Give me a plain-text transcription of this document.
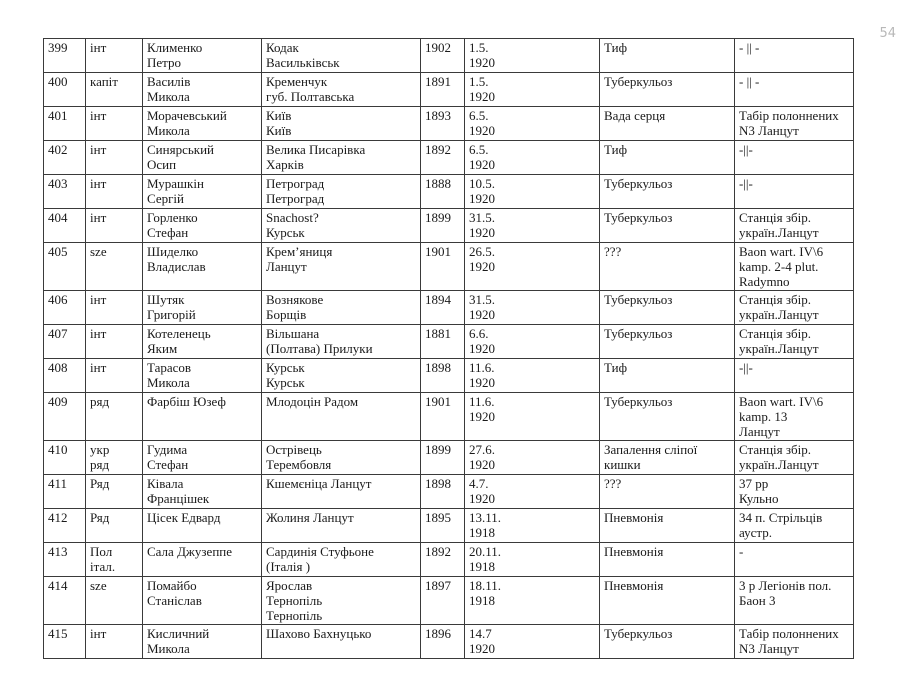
54
399	інт	Клименко
Петро	Кодак
Васильківськ	1902	1.5.
1920	Тиф	- || -
400	капіт	Василів
Микола	Кременчук
губ. Полтавська	1891	1.5.
1920	Туберкульоз	- || -
401	інт	Морачевський
Микола	Київ
Київ	1893	6.5.
1920	Вада серця	Табір полоннених
N3 Ланцут
402	інт	Синярський
Осип	Велика Писарівка
Харків	1892	6.5.
1920	Тиф	-||-
403	інт	Мурашкін
Сергій	Петроград
Петроград	1888	10.5.
1920	Туберкульоз	-||-
404	інт	Горленко
Стефан	Snachost?
Курськ	1899	31.5.
1920	Туберкульоз	Станція збір.
україн.Ланцут
405	sze	Шиделко
Владислав	Крем’яниця
Ланцут	1901	26.5.
1920	???	Baon wart. IV\6
kamp. 2-4 plut.
Radymno
406	інт	Шутяк
Григорій	Вознякове
Борщів	1894	31.5.
1920	Туберкульоз	Станція збір.
україн.Ланцут
407	інт	Котеленець
Яким	Вільшана
(Полтава) Прилуки	1881	6.6.
1920	Туберкульоз	Станція збір.
україн.Ланцут
408	інт	Тарасов
Микола	Курськ
Курськ	1898	11.6.
1920	Тиф	-||-
409	ряд	Фарбіш Юзеф	Млодоцін Радом	1901	11.6.
1920	Туберкульоз	Baon wart. IV\6
kamp. 13
Ланцут
410	укр
ряд	Гудима
Стефан	Острівець
Терембовля	1899	27.6.
1920	Запалення сліпої
кишки	Станція збір.
україн.Ланцут
411	Ряд	Ківала
Францішек	Кшемєніца Ланцут	1898	4.7.
1920	???	37 pp
Кульно
412	Ряд	Цісек Едвард	Жолиня Ланцут	1895	13.11.
1918	Пневмонія	34 п. Стрільців
аустр.
413	Пол
італ.	Сала Джузеппе	Сардинія Стуфьоне
(Італія )	1892	20.11.
1918	Пневмонія	-
414	sze	Помайбо
Станіслав	Ярослав
Тернопіль
Тернопіль	1897	18.11.
1918	Пневмонія	3 р Легіонів пол.
Баон 3
415	інт	Кисличний
Микола	Шахово Бахнуцько	1896	14.7
1920	Туберкульоз	Табір полоннених
N3 Ланцут
